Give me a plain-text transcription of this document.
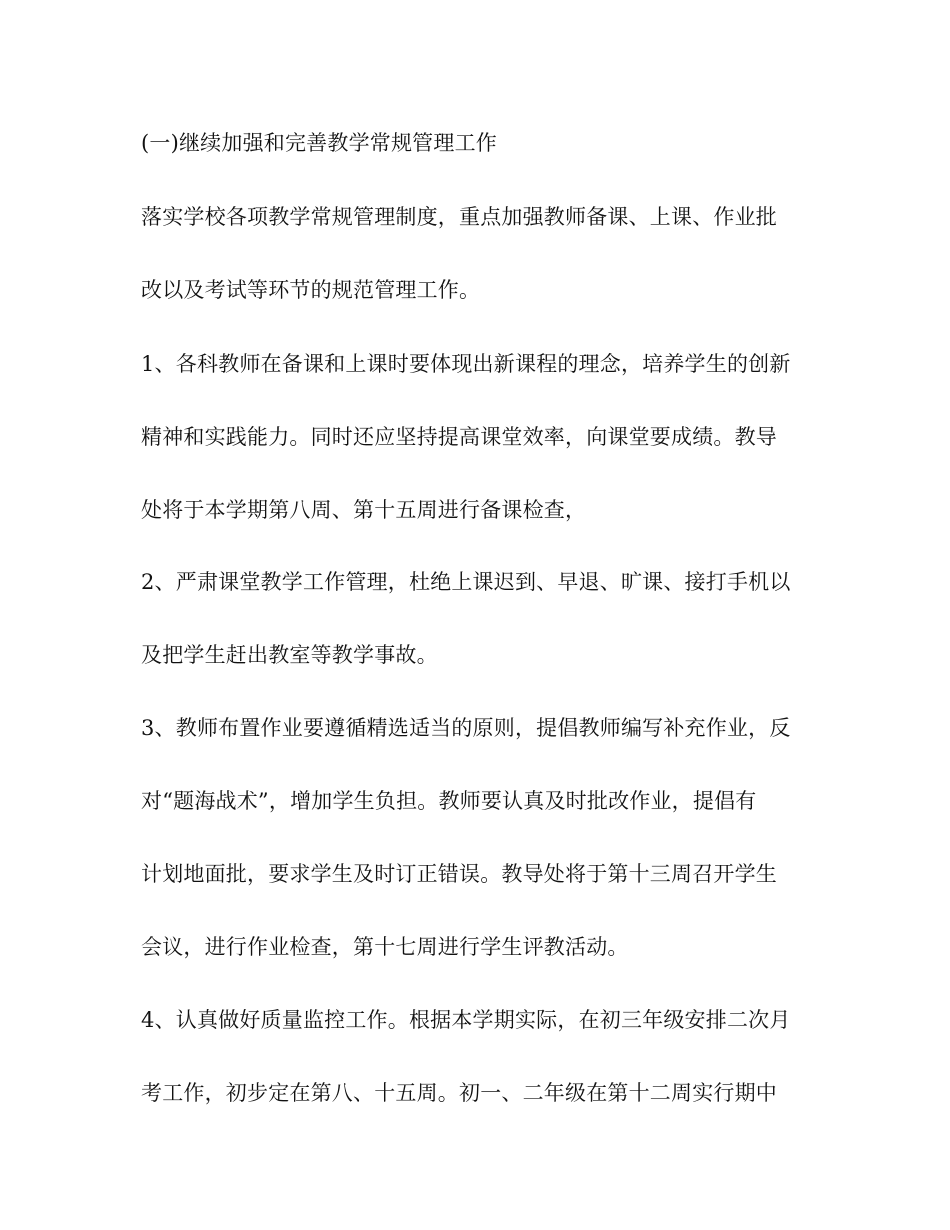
(一)继续加强和完善教学常规管理工作

落实学校各项教学常规管理制度，重点加强教师备课、上课、作业批

改以及考试等环节的规范管理工作。

1、各科教师在备课和上课时要体现出新课程的理念，培养学生的创新

精神和实践能力。同时还应坚持提高课堂效率，向课堂要成绩。教导

处将于本学期第八周、第十五周进行备课检查，

2、严肃课堂教学工作管理，杜绝上课迟到、早退、旷课、接打手机以

及把学生赶出教室等教学事故。

3、教师布置作业要遵循精选适当的原则，提倡教师编写补充作业，反

对“题海战术”，增加学生负担。教师要认真及时批改作业，提倡有

计划地面批，要求学生及时订正错误。教导处将于第十三周召开学生

会议，进行作业检查，第十七周进行学生评教活动。

4、认真做好质量监控工作。根据本学期实际，在初三年级安排二次月

考工作，初步定在第八、十五周。初一、二年级在第十二周实行期中
